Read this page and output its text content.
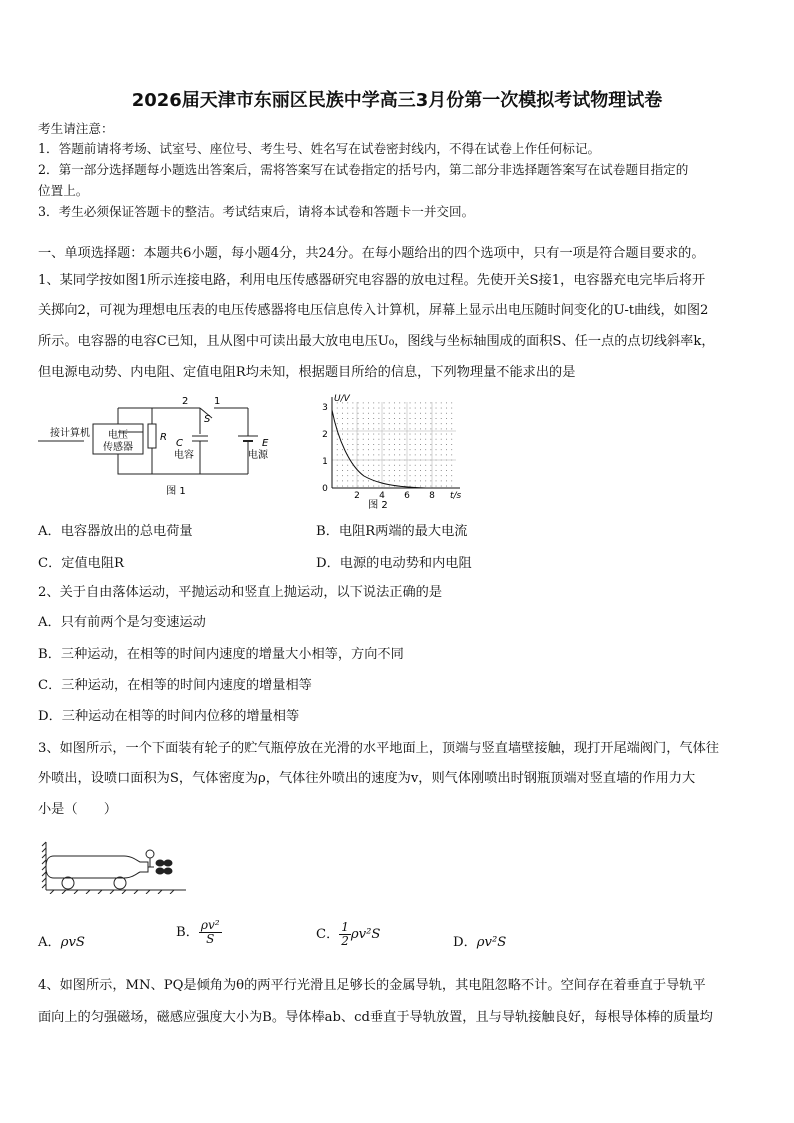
2026届天津市东丽区民族中学高三3月份第一次模拟考试物理试卷
考生请注意：
1．答题前请将考场、试室号、座位号、考生号、姓名写在试卷密封线内，不得在试卷上作任何标记。
2．第一部分选择题每小题选出答案后，需将答案写在试卷指定的括号内，第二部分非选择题答案写在试卷题目指定的
位置上。
3．考生必须保证答题卡的整洁。考试结束后，请将本试卷和答题卡一并交回。
一、单项选择题：本题共6小题，每小题4分，共24分。在每小题给出的四个选项中，只有一项是符合题目要求的。
1、某同学按如图1所示连接电路，利用电压传感器研究电容器的放电过程。先使开关S接1，电容器充电完毕后将开
关掷向2，可视为理想电压表的电压传感器将电压信息传入计算机，屏幕上显示出电压随时间变化的U-t曲线，如图2
所示。电容器的电容C已知，且从图中可读出最大放电电压U₀，图线与坐标轴围成的面积S、任一点的点切线斜率k，
但电源电动势、内电阻、定值电阻R均未知，根据题目所给的信息，下列物理量不能求出的是
接计算机 电压
传感器
R
S
2	1
C
电容
E
电源
图 1
U/V
t/s
3
2
1
0
2 4 6 8
图 2
A．电容器放出的总电荷量	B．电阻R两端的最大电流
C．定值电阻R	D．电源的电动势和内电阻
2、关于自由落体运动，平抛运动和竖直上抛运动，以下说法正确的是
A．只有前两个是匀变速运动
B．三种运动，在相等的时间内速度的增量大小相等，方向不同
C．三种运动，在相等的时间内速度的增量相等
D．三种运动在相等的时间内位移的增量相等
3、如图所示，一个下面装有轮子的贮气瓶停放在光滑的水平地面上，顶端与竖直墙壁接触，现打开尾端阀门，气体往
外喷出，设喷口面积为S，气体密度为ρ，气体往外喷出的速度为v，则气体刚喷出时钢瓶顶端对竖直墙的作用力大
小是（　　）
A．ρvS
B． $\frac{\text{ρv²}}{S}$	C． $\frac{1}{2} \rho v^2S$
D．ρv²S
4、如图所示，MN、PQ是倾角为θ的两平行光滑且足够长的金属导轨，其电阻忽略不计。空间存在着垂直于导轨平
面向上的匀强磁场，磁感应强度大小为B。导体棒ab、cd垂直于导轨放置，且与导轨接触良好，每根导体棒的质量均
